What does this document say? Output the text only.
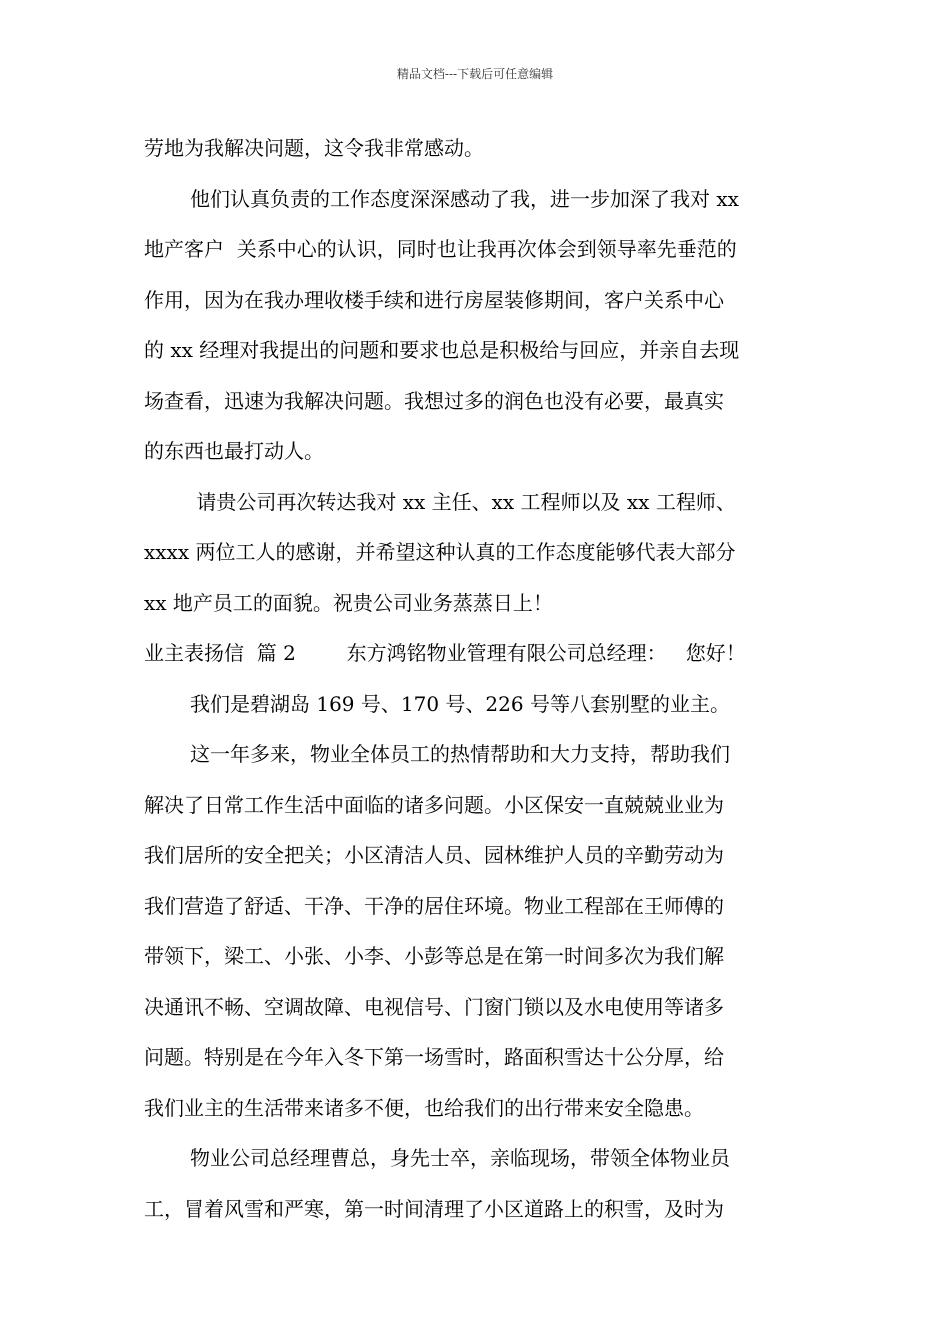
精品文档---下载后可任意编辑
劳地为我解决问题，这令我非常感动。
他们认真负责的工作态度深深感动了我，进一步加深了我对 xx
地产客户  关系中心的认识，同时也让我再次体会到领导率先垂范的
作用，因为在我办理收楼手续和进行房屋装修期间，客户关系中心
的 xx 经理对我提出的问题和要求也总是积极给与回应，并亲自去现
场查看，迅速为我解决问题。我想过多的润色也没有必要，最真实
的东西也最打动人。
请贵公司再次转达我对 xx 主任、xx 工程师以及 xx 工程师、
xxxx 两位工人的感谢，并希望这种认真的工作态度能够代表大部分
xx 地产员工的面貌。祝贵公司业务蒸蒸日上！
业主表扬信  篇 2        东方鸿铭物业管理有限公司总经理：   您好！
我们是碧湖岛 169 号、170 号、226 号等八套别墅的业主。
这一年多来，物业全体员工的热情帮助和大力支持，帮助我们
解决了日常工作生活中面临的诸多问题。小区保安一直兢兢业业为
我们居所的安全把关；小区清洁人员、园林维护人员的辛勤劳动为
我们营造了舒适、干净、干净的居住环境。物业工程部在王师傅的
带领下，梁工、小张、小李、小彭等总是在第一时间多次为我们解
决通讯不畅、空调故障、电视信号、门窗门锁以及水电使用等诸多
问题。特别是在今年入冬下第一场雪时，路面积雪达十公分厚，给
我们业主的生活带来诸多不便，也给我们的出行带来安全隐患。
物业公司总经理曹总，身先士卒，亲临现场，带领全体物业员
工，冒着风雪和严寒，第一时间清理了小区道路上的积雪，及时为
